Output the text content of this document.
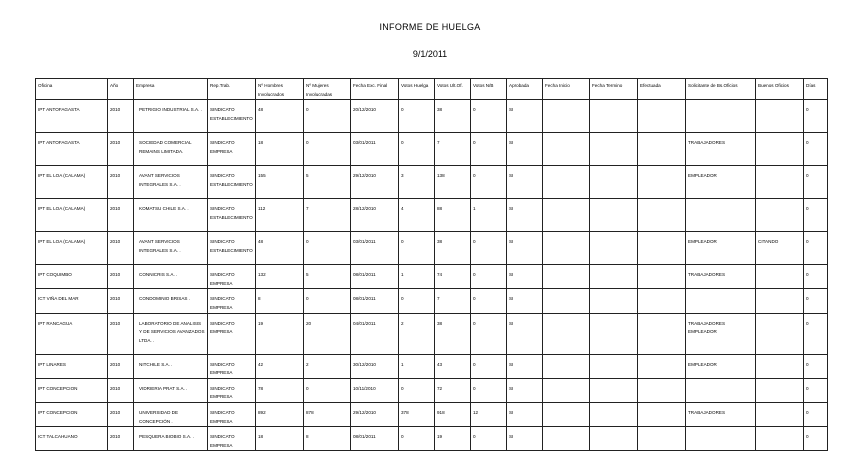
INFORME DE HUELGA
9/1/2011
Oficina	Año	Empresa	Rep.Trab.	Nº Hombres Involucrados	Nº Mujeres Involucradas	Fecha Exc. Final	Votos Huelga	Votos Ult.Of.	Votos N/B	Aprobada	Fecha Inicio	Fecha Termino	Efectuada	Solicitante de Bs.Oficios	Buenos Oficios	Días
IPT ANTOFAGASTA	2010	PETRIGIO INDUSTRIAL S.A. .	SINDICATO ESTABLECIMIENTO	48	0	20/12/2010	0	38	0	SI						0
IPT ANTOFAGASTA	2010	SOCIEDAD COMERCIAL REMAINS LIMITADA.	SINDICATO EMPRESA	18	0	03/01/2011	0	7	0	SI				TRABAJADORES		0
IPT EL LOA (CALAMA)	2010	AVANT SERVICIOS INTEGRALES S.A. .	SINDICATO ESTABLECIMIENTO	155	5	29/12/2010	3	138	0	SI				EMPLEADOR		0
IPT EL LOA (CALAMA)	2010	KOMATSU CHILE S.A. .	SINDICATO ESTABLECIMIENTO	112	7	28/12/2010	4	88	1	SI						0
IPT EL LOA (CALAMA)	2010	AVANT SERVICIOS INTEGRALES S.A. .	SINDICATO ESTABLECIMIENTO	48	0	03/01/2011	0	38	0	SI				EMPLEADOR	CITANDO	0
IPT COQUIMBO	2010	CONNICRIS S.A. .	SINDICATO EMPRESA	132	5	08/01/2011	1	74	0	SI				TRABAJADORES		0
ICT VIÑA DEL MAR	2010	CONDOMINIO BRISAS .	SINDICATO EMPRESA	8	0	08/01/2011	0	7	0	SI						0
IPT RANCAGUA	2010	LABORATORIO DE ANALISIS Y DE SERVICIOS AVANZADOS LTDA. .	SINDICATO EMPRESA	19	20	04/01/2011	2	38	0	SI				TRABAJADORES EMPLEADOR		0
IPT LINARES	2010	NITCHILE S.A. .	SINDICATO EMPRESA	42	2	30/12/2010	1	43	0	SI				EMPLEADOR		0
IPT CONCEPCION	2010	VIDRIERIA PRAT S.A. .	SINDICATO EMPRESA	78	0	10/11/2010	0	72	0	SI						0
IPT CONCEPCION	2010	UNIVERSIDAD DE CONCEPCIÓN .	SINDICATO EMPRESA	892	878	29/12/2010	378	918	12	SI				TRABAJADORES		0
ICT TALCAHUANO	2010	PESQUERA BIOBIO S.A. .	SINDICATO EMPRESA	18	8	08/01/2011	0	19	0	SI						0
